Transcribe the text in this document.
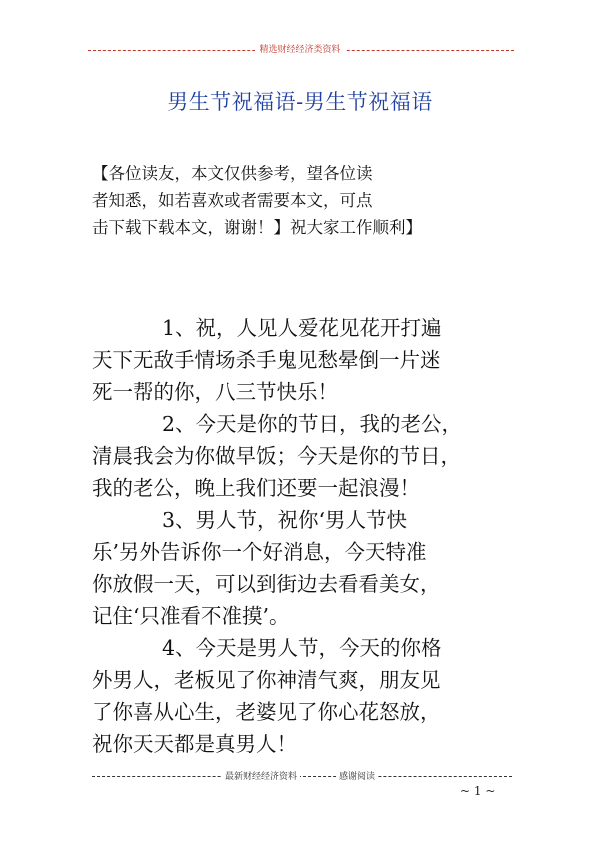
精选财经经济类资料
男生节祝福语-男生节祝福语
【各位读友，本文仅供参考，望各位读
者知悉，如若喜欢或者需要本文，可点
击下载下载本文，谢谢！】祝大家工作顺利】
1、祝，人见人爱花见花开打遍
天下无敌手情场杀手鬼见愁晕倒一片迷
死一帮的你，八三节快乐！
2、今天是你的节日，我的老公，
清晨我会为你做早饭；今天是你的节日，
我的老公，晚上我们还要一起浪漫！
3、男人节，祝你‘男人节快
乐’另外告诉你一个好消息，今天特准
你放假一天，可以到街边去看看美女，
记住‘只准看不准摸’。
4、今天是男人节，今天的你格
外男人，老板见了你神清气爽，朋友见
了你喜从心生，老婆见了你心花怒放，
祝你天天都是真男人！
最新财经经济资料	感谢阅读
~ 1 ~
